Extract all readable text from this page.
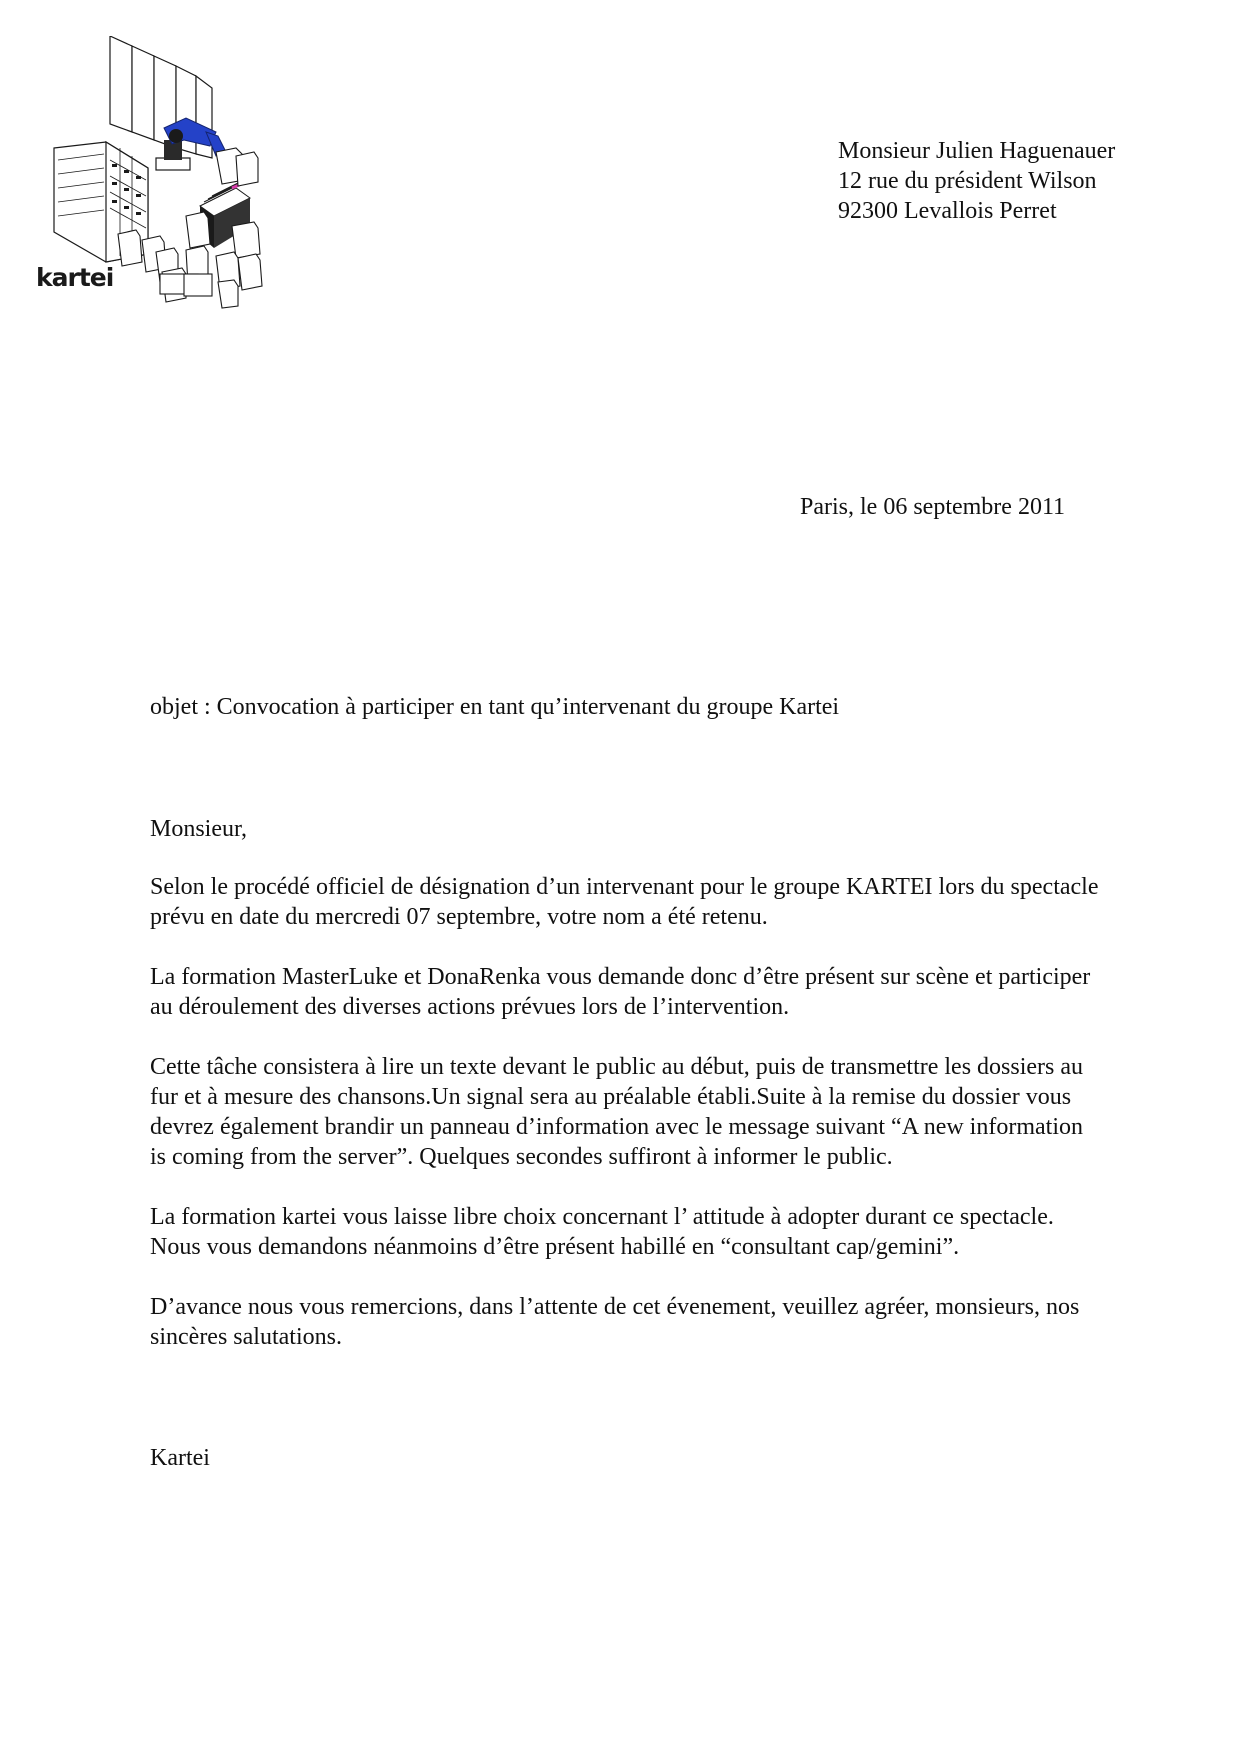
kartei
Monsieur Julien Haguenauer
12 rue du président Wilson
92300 Levallois Perret
Paris, le 06 septembre 2011
objet : Convocation à participer en tant qu’intervenant du groupe Kartei
Monsieur,

Selon le procédé officiel de désignation d’un intervenant pour le groupe KARTEI lors du spectacle
prévu en date du mercredi 07 septembre, votre nom a été retenu.

La formation MasterLuke et DonaRenka vous demande donc d’être présent sur scène et participer
au déroulement des diverses actions prévues lors de l’intervention.

Cette tâche consistera à lire un texte devant le public au début, puis de transmettre les dossiers au
fur et à mesure des chansons.Un signal sera au préalable établi.Suite à la remise du dossier vous
devrez également brandir un panneau d’information avec le message suivant “A new information
is coming from the server”. Quelques secondes suffiront à informer le public.

La formation kartei vous laisse libre choix concernant l’ attitude à adopter durant ce spectacle.
Nous vous demandons néanmoins d’être présent habillé en “consultant cap/gemini”.

D’avance nous vous remercions, dans l’attente de cet évenement, veuillez agréer, monsieurs, nos
sincères salutations.

Kartei
